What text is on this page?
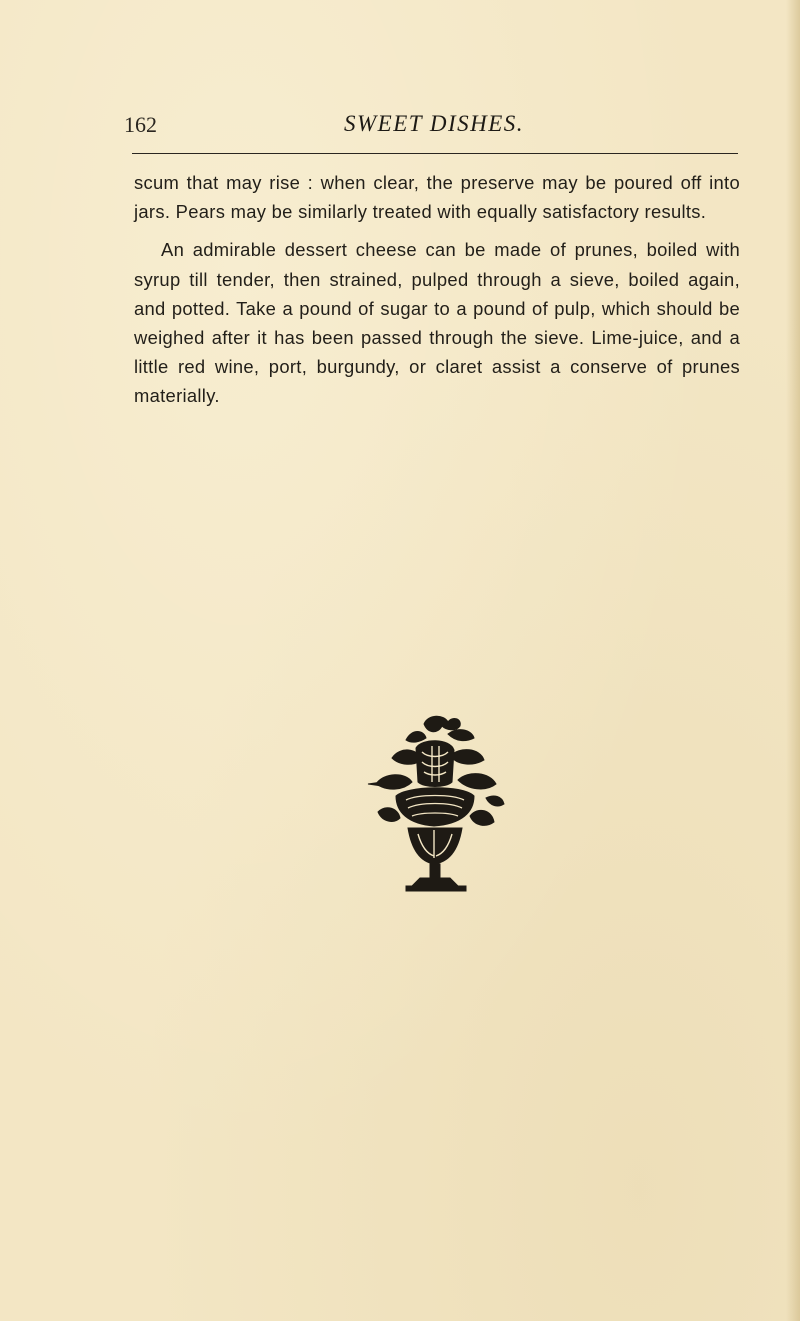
162	SWEET DISHES.

scum that may rise : when clear, the preserve may be poured off into jars. Pears may be similarly treated with equally satisfactory results.

An admirable dessert cheese can be made of prunes, boiled with syrup till tender, then strained, pulped through a sieve, boiled again, and potted. Take a pound of sugar to a pound of pulp, which should be weighed after it has been passed through the sieve. Lime-juice, and a little red wine, port, burgundy, or claret assist a conserve of prunes materially.
